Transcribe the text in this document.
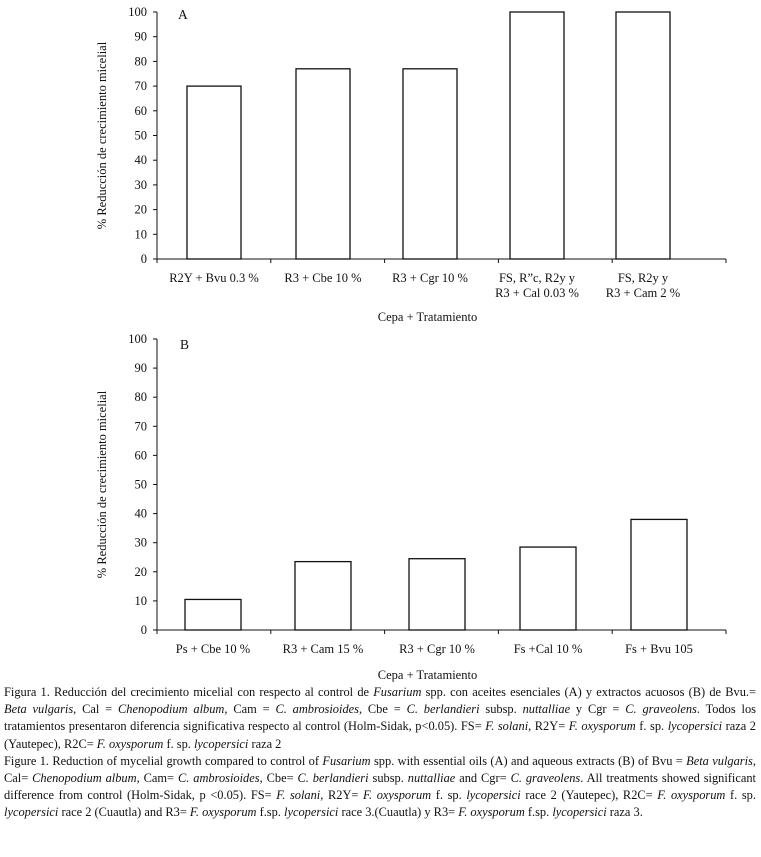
0
10
20
30
40
50
60
70
80
90
100
R2Y + Bvu 0.3 % R3 + Cbe 10 % R3 + Cgr 10 % FS, R”c, R2y y
R3 + Cal 0.03 %
FS, R2y y
R3 + Cam 2 %
Cepa + Tratamiento
% Reducción de crecimiento micelial
A
0
10
20
30
40
50
60
70
80
90
100
Ps + Cbe 10 %	R3 + Cam 15 %	R3 + Cgr 10 %	Fs +Cal 10 %	Fs + Bvu 105
Cepa + Tratamiento
% Reducción de crecimiento micelial
B

Figura 1. Reducción del crecimiento micelial con respecto al control de Fusarium spp. con aceites esenciales (A) y extractos acuosos (B) de Bvu.= Beta vulgaris, Cal = Chenopodium album, Cam = C. ambrosioides, Cbe = C. berlandieri subsp. nuttalliae y Cgr = C. graveolens. Todos los tratamientos presentaron diferencia significativa respecto al control (Holm-Sidak, p<0.05). FS= F. solani, R2Y= F. oxysporum f. sp. lycopersici raza 2 (Yautepec), R2C= F. oxysporum f. sp. lycopersici raza 2

Figure 1. Reduction of mycelial growth compared to control of Fusarium spp. with essential oils (A) and aqueous extracts (B) of Bvu = Beta vulgaris, Cal= Chenopodium album, Cam= C. ambrosioides, Cbe= C. berlandieri subsp. nuttalliae and Cgr= C. graveolens. All treatments showed significant difference from control (Holm-Sidak, p <0.05). FS= F. solani, R2Y= F. oxysporum f. sp. lycopersici race 2 (Yautepec), R2C= F. oxysporum f. sp. lycopersici race 2 (Cuautla) and R3= F. oxysporum f.sp. lycopersici race 3.(Cuautla) y R3= F. oxysporum f.sp. lycopersici raza 3.
